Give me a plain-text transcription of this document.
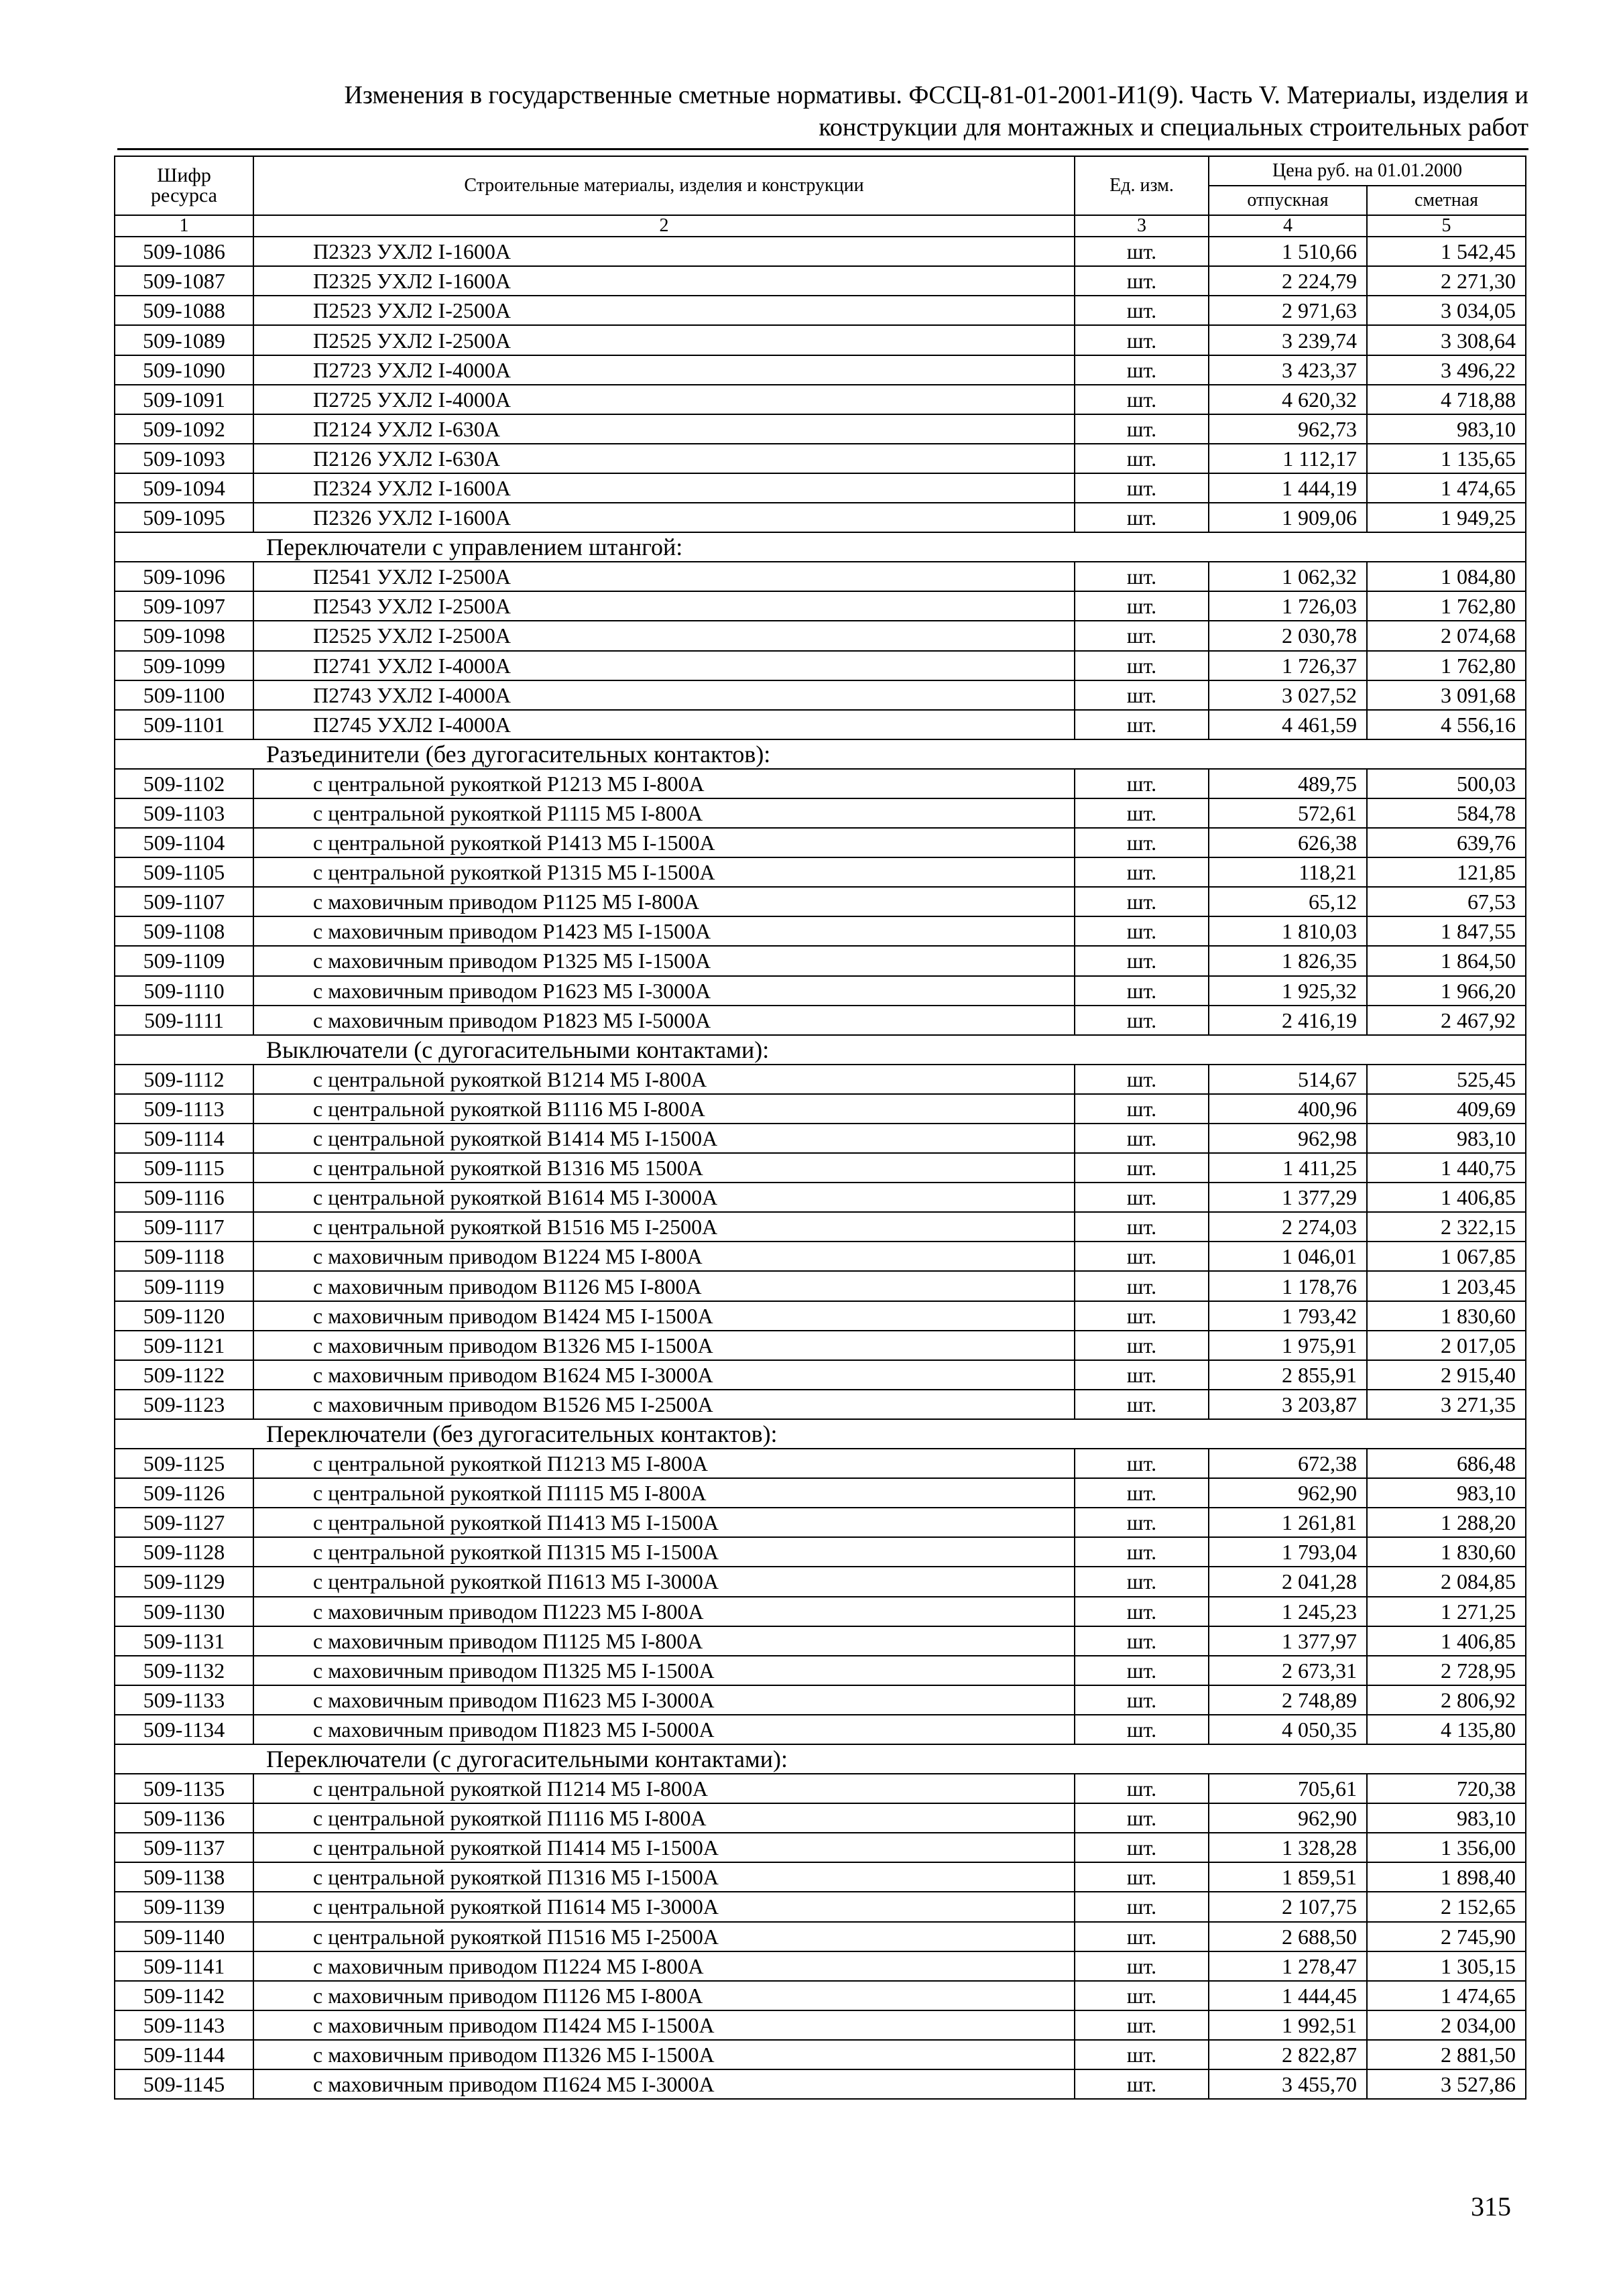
Изменения в государственные сметные нормативы. ФССЦ-81-01-2001-И1(9). Часть V. Материалы, изделия и
конструкции для монтажных и специальных строительных работ
Шифр ресурса	Строительные материалы, изделия и конструкции	Ед. изм.	Цена руб. на 01.01.2000	
			отпускная	сметная
1	2	3	4	5
509-1086	П2323 УХЛ2 I-1600А	шт.	1 510,66	1 542,45
509-1087	П2325 УХЛ2 I-1600А	шт.	2 224,79	2 271,30
509-1088	П2523 УХЛ2 I-2500А	шт.	2 971,63	3 034,05
509-1089	П2525 УХЛ2 I-2500А	шт.	3 239,74	3 308,64
509-1090	П2723 УХЛ2 I-4000А	шт.	3 423,37	3 496,22
509-1091	П2725 УХЛ2 I-4000А	шт.	4 620,32	4 718,88
509-1092	П2124 УХЛ2 I-630А	шт.	962,73	983,10
509-1093	П2126 УХЛ2 I-630А	шт.	1 112,17	1 135,65
509-1094	П2324 УХЛ2 I-1600А	шт.	1 444,19	1 474,65
509-1095	П2326 УХЛ2 I-1600А	шт.	1 909,06	1 949,25
Переключатели с управлением штангой:				
509-1096	П2541 УХЛ2 I-2500А	шт.	1 062,32	1 084,80
509-1097	П2543 УХЛ2 I-2500А	шт.	1 726,03	1 762,80
509-1098	П2525 УХЛ2 I-2500А	шт.	2 030,78	2 074,68
509-1099	П2741 УХЛ2 I-4000А	шт.	1 726,37	1 762,80
509-1100	П2743 УХЛ2 I-4000А	шт.	3 027,52	3 091,68
509-1101	П2745 УХЛ2 I-4000А	шт.	4 461,59	4 556,16
Разъединители (без дугогасительных контактов):				
509-1102	с центральной рукояткой Р1213 М5 I-800А	шт.	489,75	500,03
509-1103	с центральной рукояткой Р1115 М5 I-800А	шт.	572,61	584,78
509-1104	с центральной рукояткой Р1413 М5 I-1500А	шт.	626,38	639,76
509-1105	с центральной рукояткой Р1315 М5 I-1500А	шт.	118,21	121,85
509-1107	с маховичным приводом Р1125 М5 I-800А	шт.	65,12	67,53
509-1108	с маховичным приводом Р1423 М5 I-1500А	шт.	1 810,03	1 847,55
509-1109	с маховичным приводом Р1325 М5 I-1500А	шт.	1 826,35	1 864,50
509-1110	с маховичным приводом Р1623 М5 I-3000А	шт.	1 925,32	1 966,20
509-1111	с маховичным приводом Р1823 М5 I-5000А	шт.	2 416,19	2 467,92
Выключатели (с дугогасительными контактами):				
509-1112	с центральной рукояткой В1214 М5 I-800А	шт.	514,67	525,45
509-1113	с центральной рукояткой В1116 М5 I-800А	шт.	400,96	409,69
509-1114	с центральной рукояткой В1414 М5 I-1500А	шт.	962,98	983,10
509-1115	с центральной рукояткой В1316 М5 1500А	шт.	1 411,25	1 440,75
509-1116	с центральной рукояткой В1614 М5 I-3000А	шт.	1 377,29	1 406,85
509-1117	с центральной рукояткой В1516 М5 I-2500А	шт.	2 274,03	2 322,15
509-1118	с маховичным приводом В1224 М5 I-800А	шт.	1 046,01	1 067,85
509-1119	с маховичным приводом В1126 М5 I-800А	шт.	1 178,76	1 203,45
509-1120	с маховичным приводом В1424 М5 I-1500А	шт.	1 793,42	1 830,60
509-1121	с маховичным приводом В1326 М5 I-1500А	шт.	1 975,91	2 017,05
509-1122	с маховичным приводом В1624 М5 I-3000А	шт.	2 855,91	2 915,40
509-1123	с маховичным приводом В1526 М5 I-2500А	шт.	3 203,87	3 271,35
Переключатели (без дугогасительных контактов):				
509-1125	с центральной рукояткой П1213 М5 I-800А	шт.	672,38	686,48
509-1126	с центральной рукояткой П1115 М5 I-800А	шт.	962,90	983,10
509-1127	с центральной рукояткой П1413 М5 I-1500А	шт.	1 261,81	1 288,20
509-1128	с центральной рукояткой П1315 М5 I-1500А	шт.	1 793,04	1 830,60
509-1129	с центральной рукояткой П1613 М5 I-3000А	шт.	2 041,28	2 084,85
509-1130	с маховичным приводом П1223 М5 I-800А	шт.	1 245,23	1 271,25
509-1131	с маховичным приводом П1125 М5 I-800А	шт.	1 377,97	1 406,85
509-1132	с маховичным приводом П1325 М5 I-1500А	шт.	2 673,31	2 728,95
509-1133	с маховичным приводом П1623 М5 I-3000А	шт.	2 748,89	2 806,92
509-1134	с маховичным приводом П1823 М5 I-5000А	шт.	4 050,35	4 135,80
Переключатели (с дугогасительными контактами):				
509-1135	с центральной рукояткой П1214 М5 I-800А	шт.	705,61	720,38
509-1136	с центральной рукояткой П1116 М5 I-800А	шт.	962,90	983,10
509-1137	с центральной рукояткой П1414 М5 I-1500А	шт.	1 328,28	1 356,00
509-1138	с центральной рукояткой П1316 М5 I-1500А	шт.	1 859,51	1 898,40
509-1139	с центральной рукояткой П1614 М5 I-3000А	шт.	2 107,75	2 152,65
509-1140	с центральной рукояткой П1516 М5 I-2500А	шт.	2 688,50	2 745,90
509-1141	с маховичным приводом П1224 М5 I-800А	шт.	1 278,47	1 305,15
509-1142	с маховичным приводом П1126 М5 I-800А	шт.	1 444,45	1 474,65
509-1143	с маховичным приводом П1424 М5 I-1500А	шт.	1 992,51	2 034,00
509-1144	с маховичным приводом П1326 М5 I-1500А	шт.	2 822,87	2 881,50
509-1145	с маховичным приводом П1624 М5 I-3000А	шт.	3 455,70	3 527,86
315
